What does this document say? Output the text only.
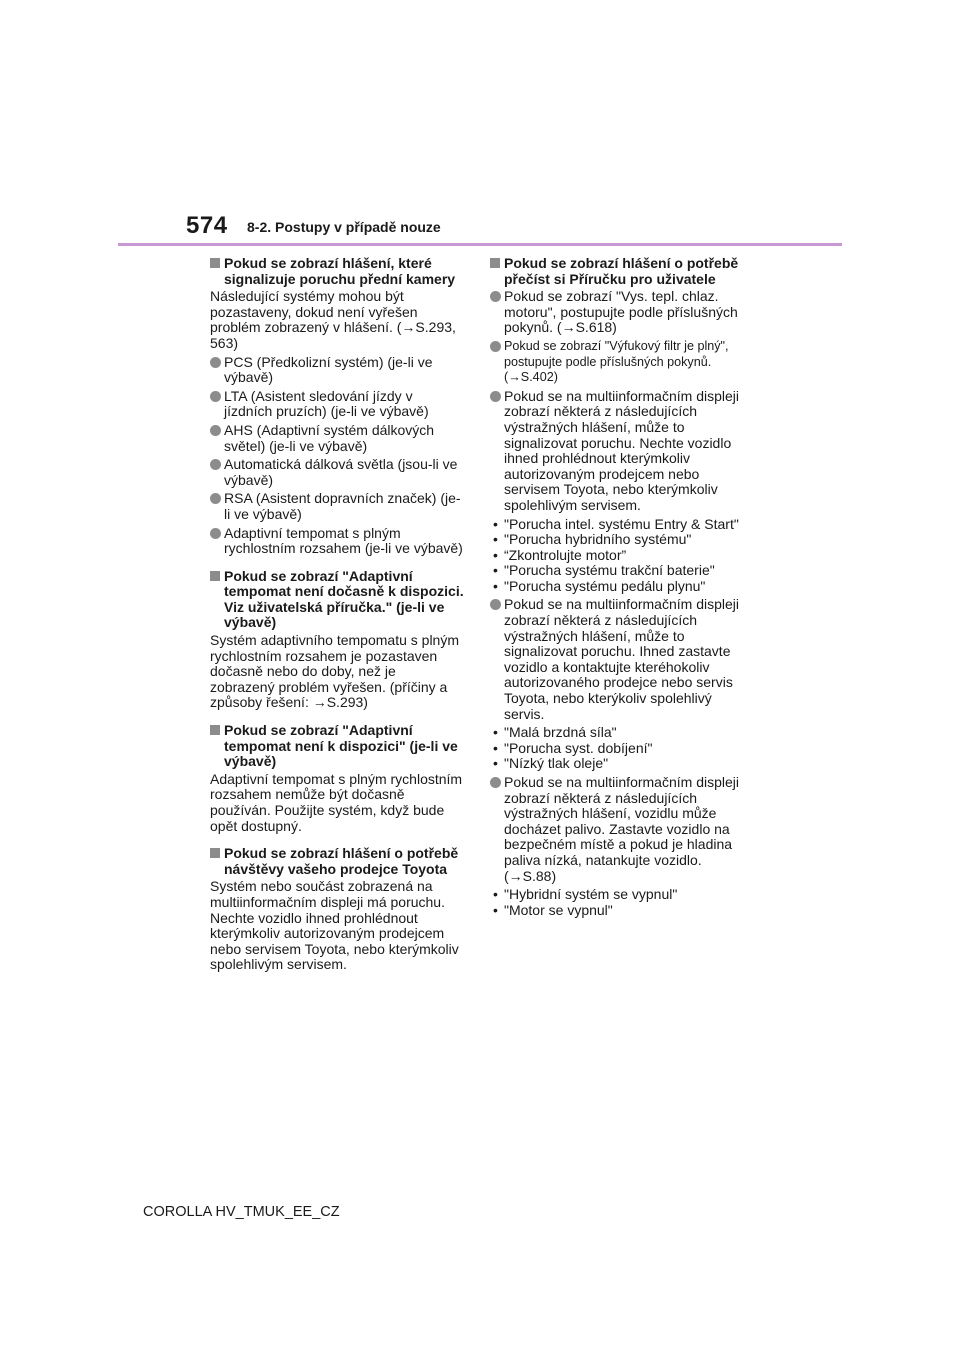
574 8-2. Postupy v případě nouze
Pokud se zobrazí hlášení, které signalizuje poruchu přední kamery
Následující systémy mohou být pozastaveny, dokud není vyřešen problém zobrazený v hlášení. (→S.293, 563)
PCS (Předkolizní systém) (je-li ve výbavě)
LTA (Asistent sledování jízdy v jízdních pruzích) (je-li ve výbavě)
AHS (Adaptivní systém dálkových světel) (je-li ve výbavě)
Automatická dálková světla (jsou-li ve výbavě)
RSA (Asistent dopravních značek) (je-li ve výbavě)
Adaptivní tempomat s plným rychlostním rozsahem (je-li ve výbavě)
Pokud se zobrazí "Adaptivní tempomat není dočasně k dispozici. Viz uživatelská příručka." (je-li ve výbavě)
Systém adaptivního tempomatu s plným rychlostním rozsahem je pozastaven dočasně nebo do doby, než je zobrazený problém vyřešen. (příčiny a způsoby řešení: →S.293)
Pokud se zobrazí "Adaptivní tempomat není k dispozici" (je-li ve výbavě)
Adaptivní tempomat s plným rychlostním rozsahem nemůže být dočasně používán. Použijte systém, když bude opět dostupný.
Pokud se zobrazí hlášení o potřebě návštěvy vašeho prodejce Toyota
Systém nebo součást zobrazená na multiinformačním displeji má poruchu. Nechte vozidlo ihned prohlédnout kterýmkoliv autorizovaným prodejcem nebo servisem Toyota, nebo kterýmkoliv spolehlivým servisem.
Pokud se zobrazí hlášení o potřebě přečíst si Příručku pro uživatele
Pokud se zobrazí "Vys. tepl. chlaz. motoru", postupujte podle příslušných pokynů. (→S.618)
Pokud se zobrazí "Výfukový filtr je plný", postupujte podle příslušných pokynů. (→S.402)
Pokud se na multiinformačním displeji zobrazí některá z následujících výstražných hlášení, může to signalizovat poruchu. Nechte vozidlo ihned prohlédnout kterýmkoliv autorizovaným prodejcem nebo servisem Toyota, nebo kterýmkoliv spolehlivým servisem.
• "Porucha intel. systému Entry & Start"
• "Porucha hybridního systému"
• “Zkontrolujte motor”
• "Porucha systému trakční baterie"
• "Porucha systému pedálu plynu"
Pokud se na multiinformačním displeji zobrazí některá z následujících výstražných hlášení, může to signalizovat poruchu. Ihned zastavte vozidlo a kontaktujte kteréhokoliv autorizovaného prodejce nebo servis Toyota, nebo kterýkoliv spolehlivý servis.
• "Malá brzdná síla"
• "Porucha syst. dobíjení"
• "Nízký tlak oleje"
Pokud se na multiinformačním displeji zobrazí některá z následujících výstražných hlášení, vozidlu může docházet palivo. Zastavte vozidlo na bezpečném místě a pokud je hladina paliva nízká, natankujte vozidlo. (→S.88)
• "Hybridní systém se vypnul"
• "Motor se vypnul"
COROLLA HV_TMUK_EE_CZ
